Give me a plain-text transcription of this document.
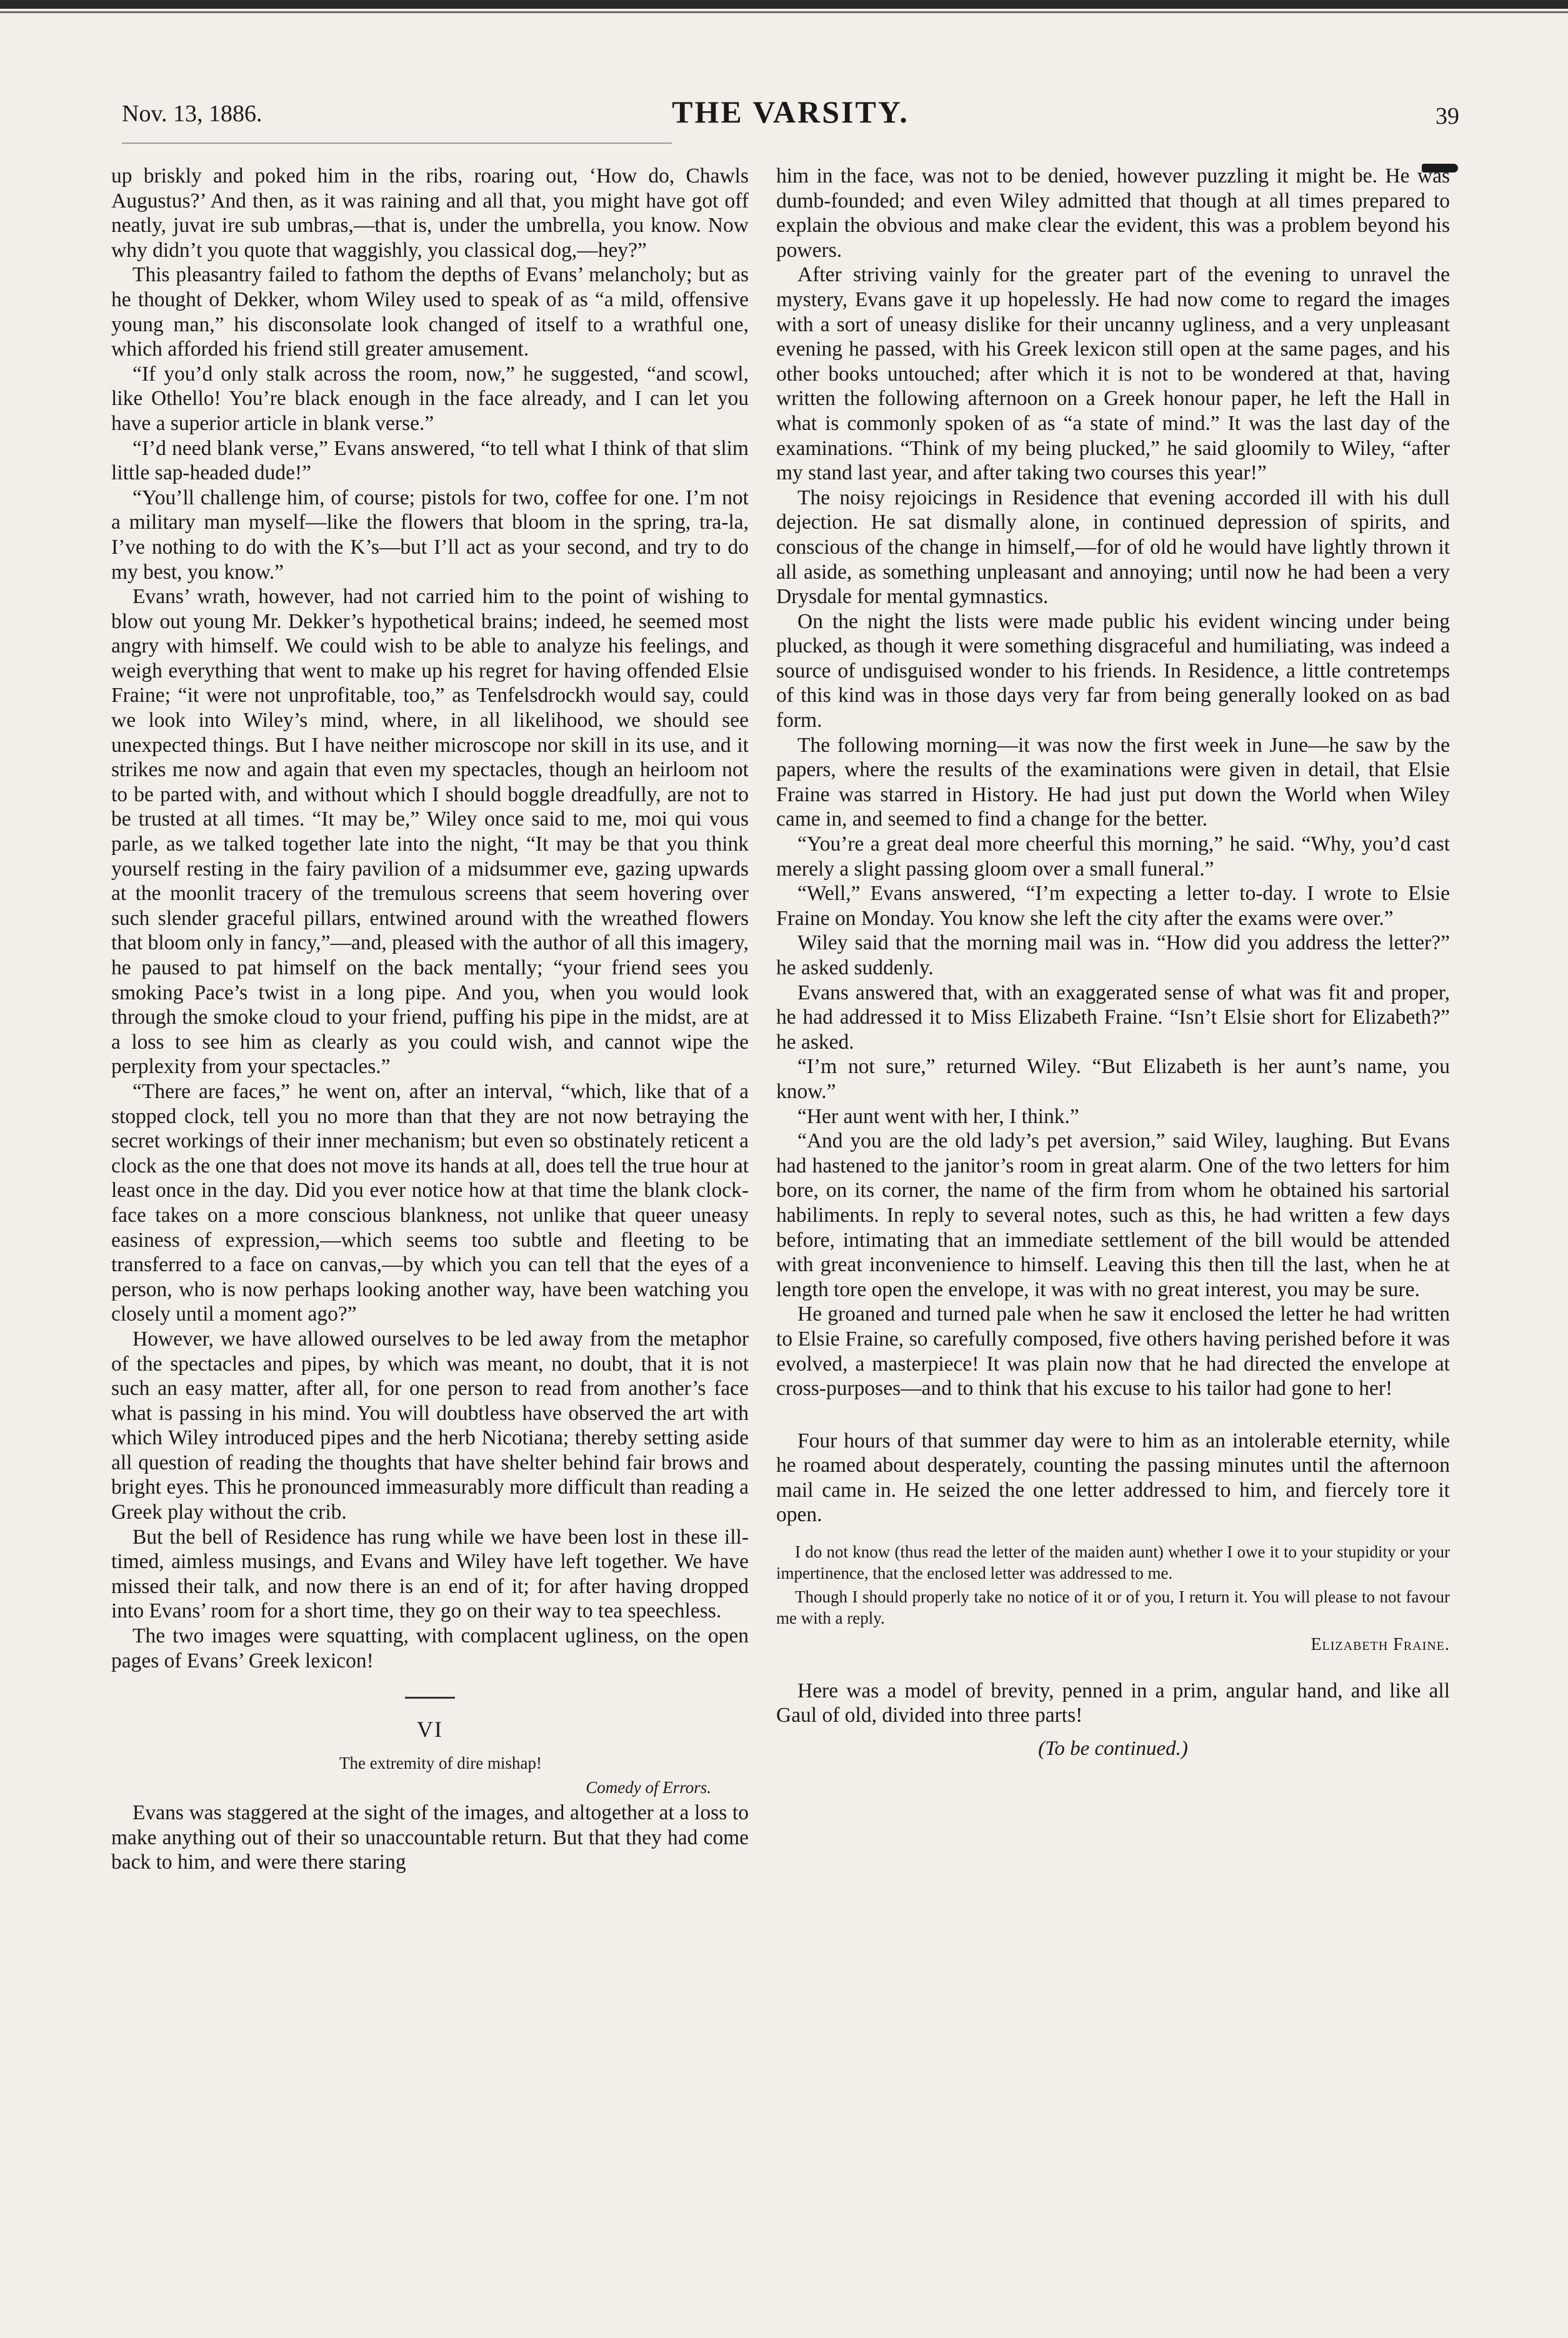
Nov. 13, 1886.	THE VARSITY.	39

up briskly and poked him in the ribs, roaring out, ‘How do, Chawls Augustus?’ And then, as it was raining and all that, you might have got off neatly, juvat ire sub umbras,—that is, under the umbrella, you know. Now why didn’t you quote that waggishly, you classical dog,—hey?”

This pleasantry failed to fathom the depths of Evans’ melancholy; but as he thought of Dekker, whom Wiley used to speak of as “a mild, offensive young man,” his disconsolate look changed of itself to a wrathful one, which afforded his friend still greater amusement.

“If you’d only stalk across the room, now,” he suggested, “and scowl, like Othello! You’re black enough in the face already, and I can let you have a superior article in blank verse.”

“I’d need blank verse,” Evans answered, “to tell what I think of that slim little sap-headed dude!”

“You’ll challenge him, of course; pistols for two, coffee for one. I’m not a military man myself—like the flowers that bloom in the spring, tra-la, I’ve nothing to do with the K’s—but I’ll act as your second, and try to do my best, you know.”

Evans’ wrath, however, had not carried him to the point of wishing to blow out young Mr. Dekker’s hypothetical brains; indeed, he seemed most angry with himself. We could wish to be able to analyze his feelings, and weigh everything that went to make up his regret for having offended Elsie Fraine; “it were not unprofitable, too,” as Tenfelsdrockh would say, could we look into Wiley’s mind, where, in all likelihood, we should see unexpected things. But I have neither microscope nor skill in its use, and it strikes me now and again that even my spectacles, though an heirloom not to be parted with, and without which I should boggle dreadfully, are not to be trusted at all times. “It may be,” Wiley once said to me, moi qui vous parle, as we talked together late into the night, “It may be that you think yourself resting in the fairy pavilion of a midsummer eve, gazing upwards at the moonlit tracery of the tremulous screens that seem hovering over such slender graceful pillars, entwined around with the wreathed flowers that bloom only in fancy,”—and, pleased with the author of all this imagery, he paused to pat himself on the back mentally; “your friend sees you smoking Pace’s twist in a long pipe. And you, when you would look through the smoke cloud to your friend, puffing his pipe in the midst, are at a loss to see him as clearly as you could wish, and cannot wipe the perplexity from your spectacles.”

“There are faces,” he went on, after an interval, “which, like that of a stopped clock, tell you no more than that they are not now betraying the secret workings of their inner mechanism; but even so obstinately reticent a clock as the one that does not move its hands at all, does tell the true hour at least once in the day. Did you ever notice how at that time the blank clock-face takes on a more conscious blankness, not unlike that queer uneasy easiness of expression,—which seems too subtle and fleeting to be transferred to a face on canvas,—by which you can tell that the eyes of a person, who is now perhaps looking another way, have been watching you closely until a moment ago?”

However, we have allowed ourselves to be led away from the metaphor of the spectacles and pipes, by which was meant, no doubt, that it is not such an easy matter, after all, for one person to read from another’s face what is passing in his mind. You will doubtless have observed the art with which Wiley introduced pipes and the herb Nicotiana; thereby setting aside all question of reading the thoughts that have shelter behind fair brows and bright eyes. This he pronounced immeasurably more difficult than reading a Greek play without the crib.

But the bell of Residence has rung while we have been lost in these ill-timed, aimless musings, and Evans and Wiley have left together. We have missed their talk, and now there is an end of it; for after having dropped into Evans’ room for a short time, they go on their way to tea speechless.

The two images were squatting, with complacent ugliness, on the open pages of Evans’ Greek lexicon!

VI

The extremity of dire mishap!

Comedy of Errors.

Evans was staggered at the sight of the images, and altogether at a loss to make anything out of their so unaccountable return. But that they had come back to him, and were there staring

him in the face, was not to be denied, however puzzling it might be. He was dumb-founded; and even Wiley admitted that though at all times prepared to explain the obvious and make clear the evident, this was a problem beyond his powers.

After striving vainly for the greater part of the evening to unravel the mystery, Evans gave it up hopelessly. He had now come to regard the images with a sort of uneasy dislike for their uncanny ugliness, and a very unpleasant evening he passed, with his Greek lexicon still open at the same pages, and his other books untouched; after which it is not to be wondered at that, having written the following afternoon on a Greek honour paper, he left the Hall in what is commonly spoken of as “a state of mind.” It was the last day of the examinations. “Think of my being plucked,” he said gloomily to Wiley, “after my stand last year, and after taking two courses this year!”

The noisy rejoicings in Residence that evening accorded ill with his dull dejection. He sat dismally alone, in continued depression of spirits, and conscious of the change in himself,—for of old he would have lightly thrown it all aside, as something unpleasant and annoying; until now he had been a very Drysdale for mental gymnastics.

On the night the lists were made public his evident wincing under being plucked, as though it were something disgraceful and humiliating, was indeed a source of undisguised wonder to his friends. In Residence, a little contretemps of this kind was in those days very far from being generally looked on as bad form.

The following morning—it was now the first week in June—he saw by the papers, where the results of the examinations were given in detail, that Elsie Fraine was starred in History. He had just put down the World when Wiley came in, and seemed to find a change for the better.

“You’re a great deal more cheerful this morning,” he said. “Why, you’d cast merely a slight passing gloom over a small funeral.”

“Well,” Evans answered, “I’m expecting a letter to-day. I wrote to Elsie Fraine on Monday. You know she left the city after the exams were over.”

Wiley said that the morning mail was in. “How did you address the letter?” he asked suddenly.

Evans answered that, with an exaggerated sense of what was fit and proper, he had addressed it to Miss Elizabeth Fraine. “Isn’t Elsie short for Elizabeth?” he asked.

“I’m not sure,” returned Wiley. “But Elizabeth is her aunt’s name, you know.”

“Her aunt went with her, I think.”

“And you are the old lady’s pet aversion,” said Wiley, laughing. But Evans had hastened to the janitor’s room in great alarm. One of the two letters for him bore, on its corner, the name of the firm from whom he obtained his sartorial habiliments. In reply to several notes, such as this, he had written a few days before, intimating that an immediate settlement of the bill would be attended with great inconvenience to himself. Leaving this then till the last, when he at length tore open the envelope, it was with no great interest, you may be sure.

He groaned and turned pale when he saw it enclosed the letter he had written to Elsie Fraine, so carefully composed, five others having perished before it was evolved, a masterpiece! It was plain now that he had directed the envelope at cross-purposes—and to think that his excuse to his tailor had gone to her!

Four hours of that summer day were to him as an intolerable eternity, while he roamed about desperately, counting the passing minutes until the afternoon mail came in. He seized the one letter addressed to him, and fiercely tore it open.

I do not know (thus read the letter of the maiden aunt) whether I owe it to your stupidity or your impertinence, that the enclosed letter was addressed to me.

Though I should properly take no notice of it or of you, I return it. You will please to not favour me with a reply.

Elizabeth Fraine.

Here was a model of brevity, penned in a prim, angular hand, and like all Gaul of old, divided into three parts!

(To be continued.)
